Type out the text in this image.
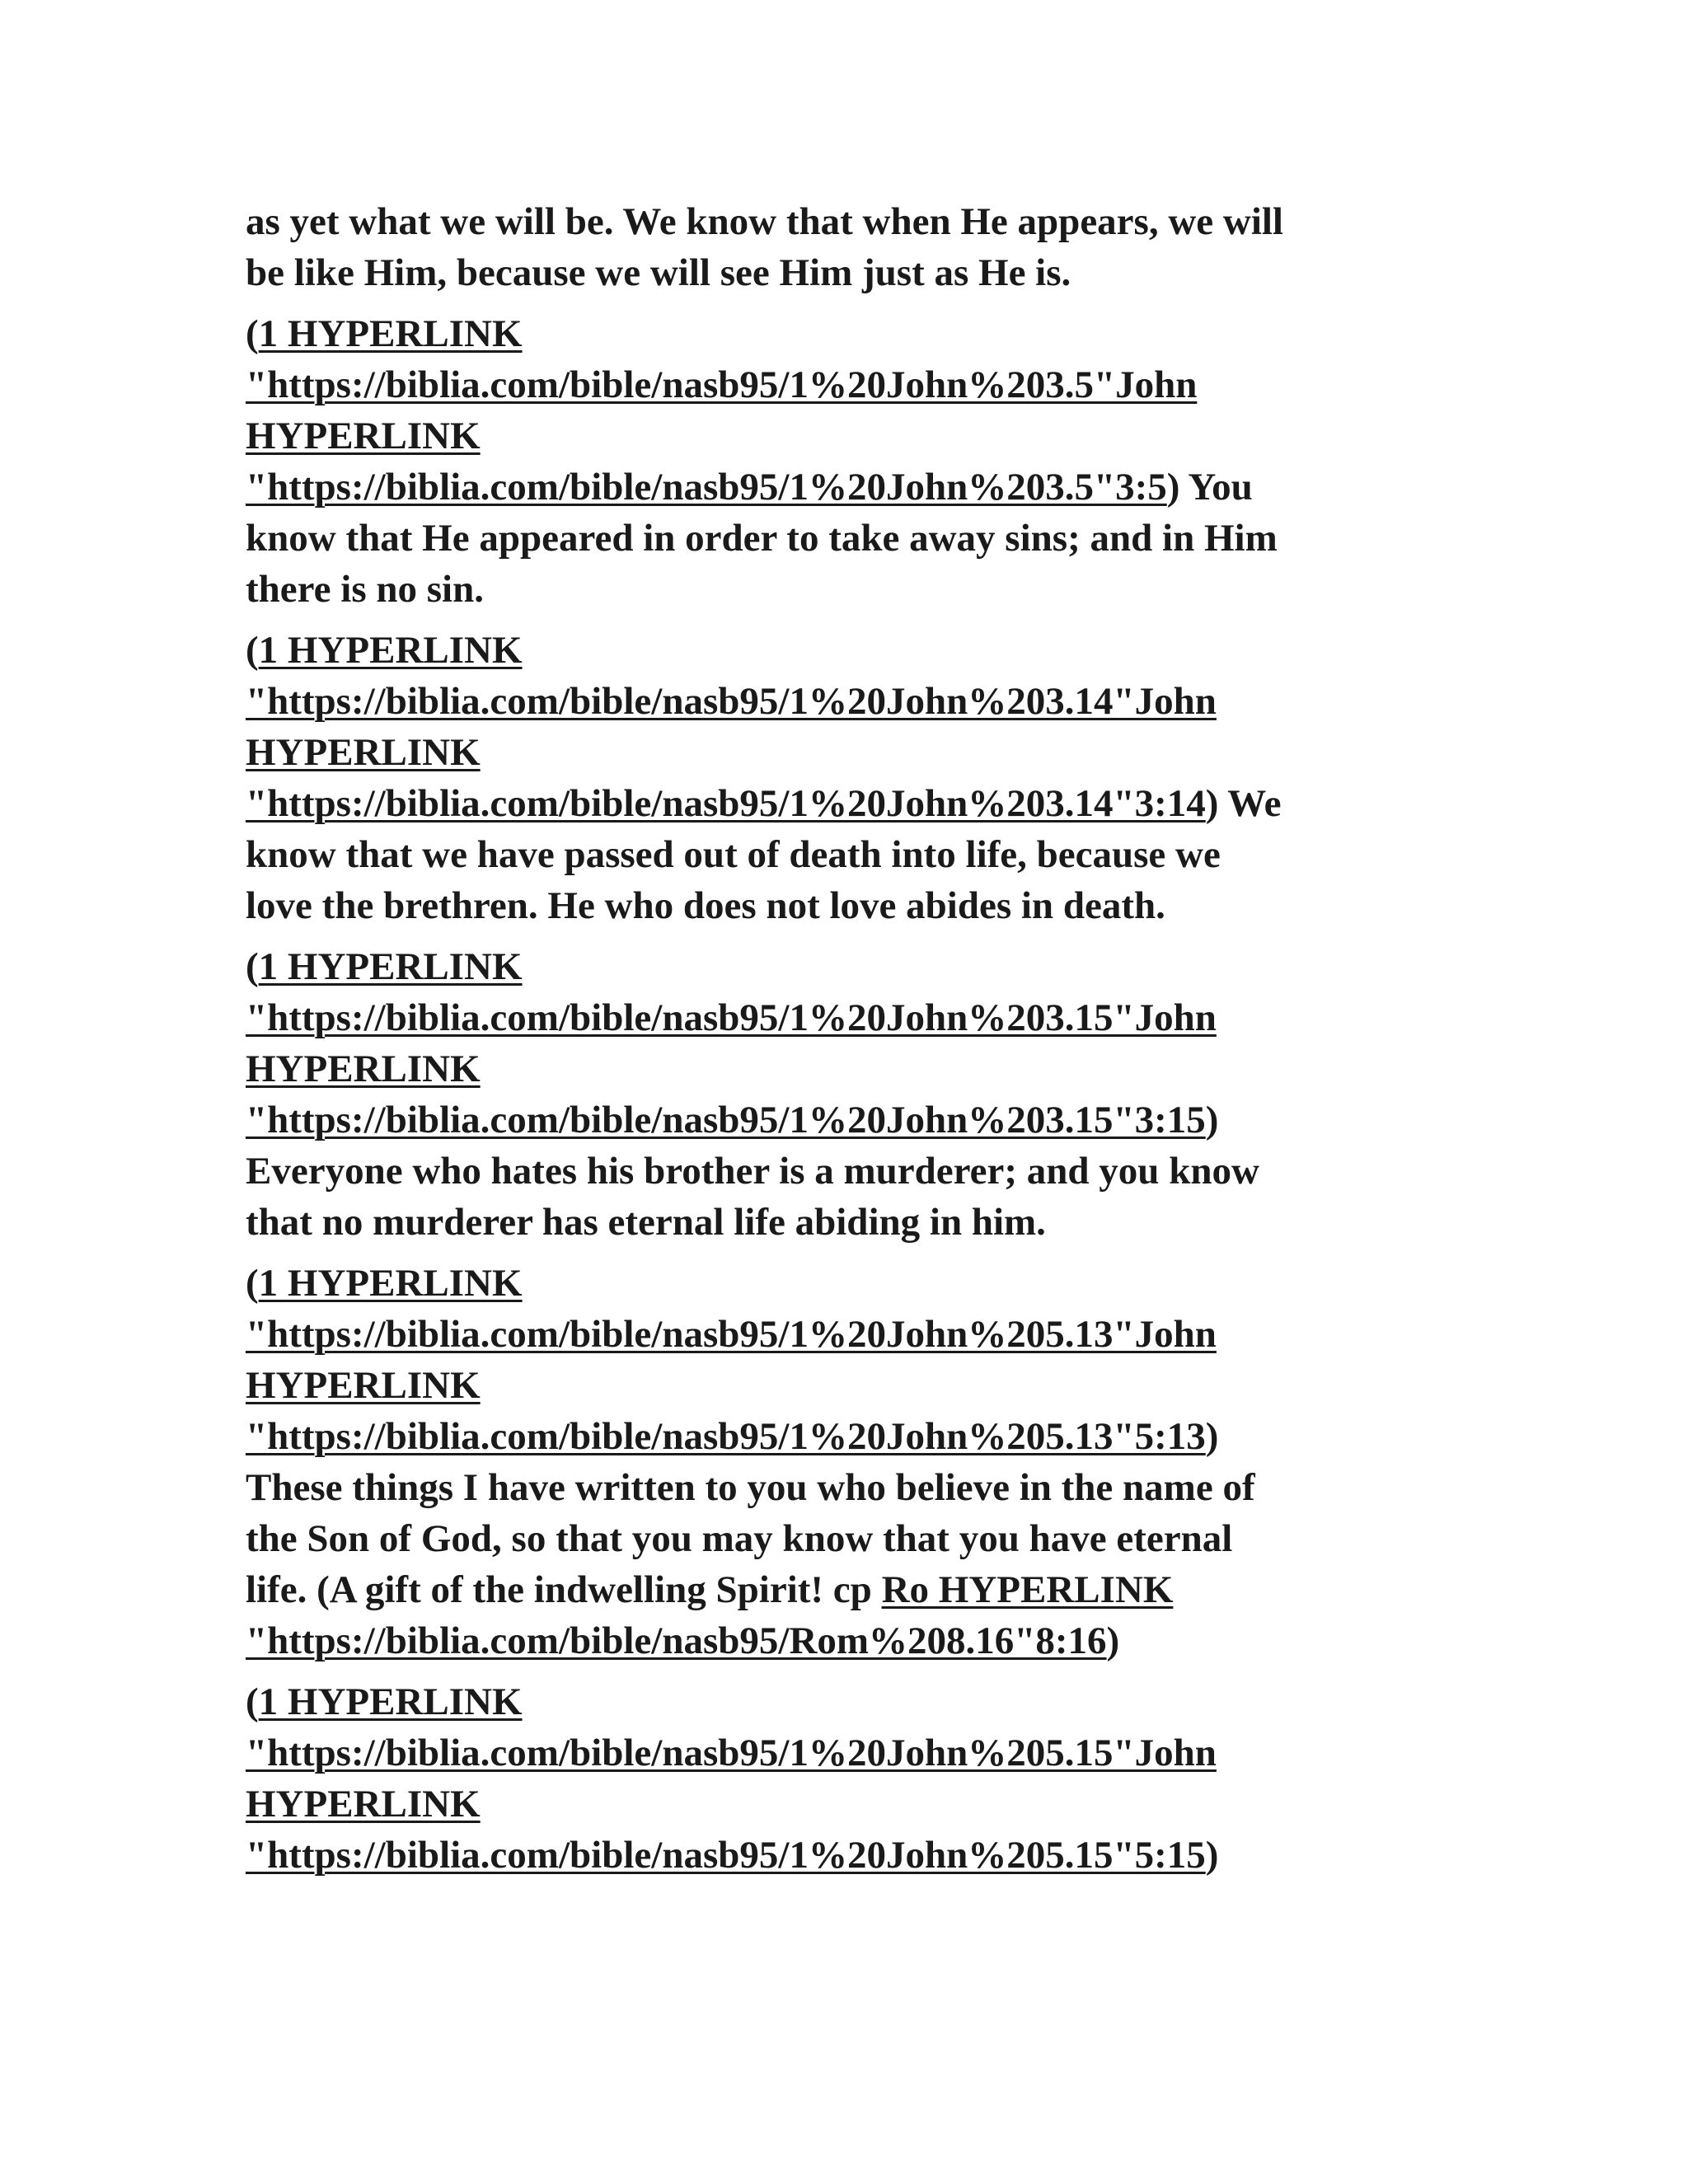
as yet what we will be. We know that when He appears, we will
be like Him, because we will see Him just as He is.
(1 HYPERLINK
"https://biblia.com/bible/nasb95/1%20John%203.5"John
HYPERLINK
"https://biblia.com/bible/nasb95/1%20John%203.5"3:5) You
know that He appeared in order to take away sins; and in Him
there is no sin.
(1 HYPERLINK
"https://biblia.com/bible/nasb95/1%20John%203.14"John
HYPERLINK
"https://biblia.com/bible/nasb95/1%20John%203.14"3:14) We
know that we have passed out of death into life, because we
love the brethren. He who does not love abides in death.
(1 HYPERLINK
"https://biblia.com/bible/nasb95/1%20John%203.15"John
HYPERLINK
"https://biblia.com/bible/nasb95/1%20John%203.15"3:15)
Everyone who hates his brother is a murderer; and you know
that no murderer has eternal life abiding in him.
(1 HYPERLINK
"https://biblia.com/bible/nasb95/1%20John%205.13"John
HYPERLINK
"https://biblia.com/bible/nasb95/1%20John%205.13"5:13)
These things I have written to you who believe in the name of
the Son of God, so that you may know that you have eternal
life. (A gift of the indwelling Spirit! cp Ro HYPERLINK
"https://biblia.com/bible/nasb95/Rom%208.16"8:16)
(1 HYPERLINK
"https://biblia.com/bible/nasb95/1%20John%205.15"John
HYPERLINK
"https://biblia.com/bible/nasb95/1%20John%205.15"5:15)
